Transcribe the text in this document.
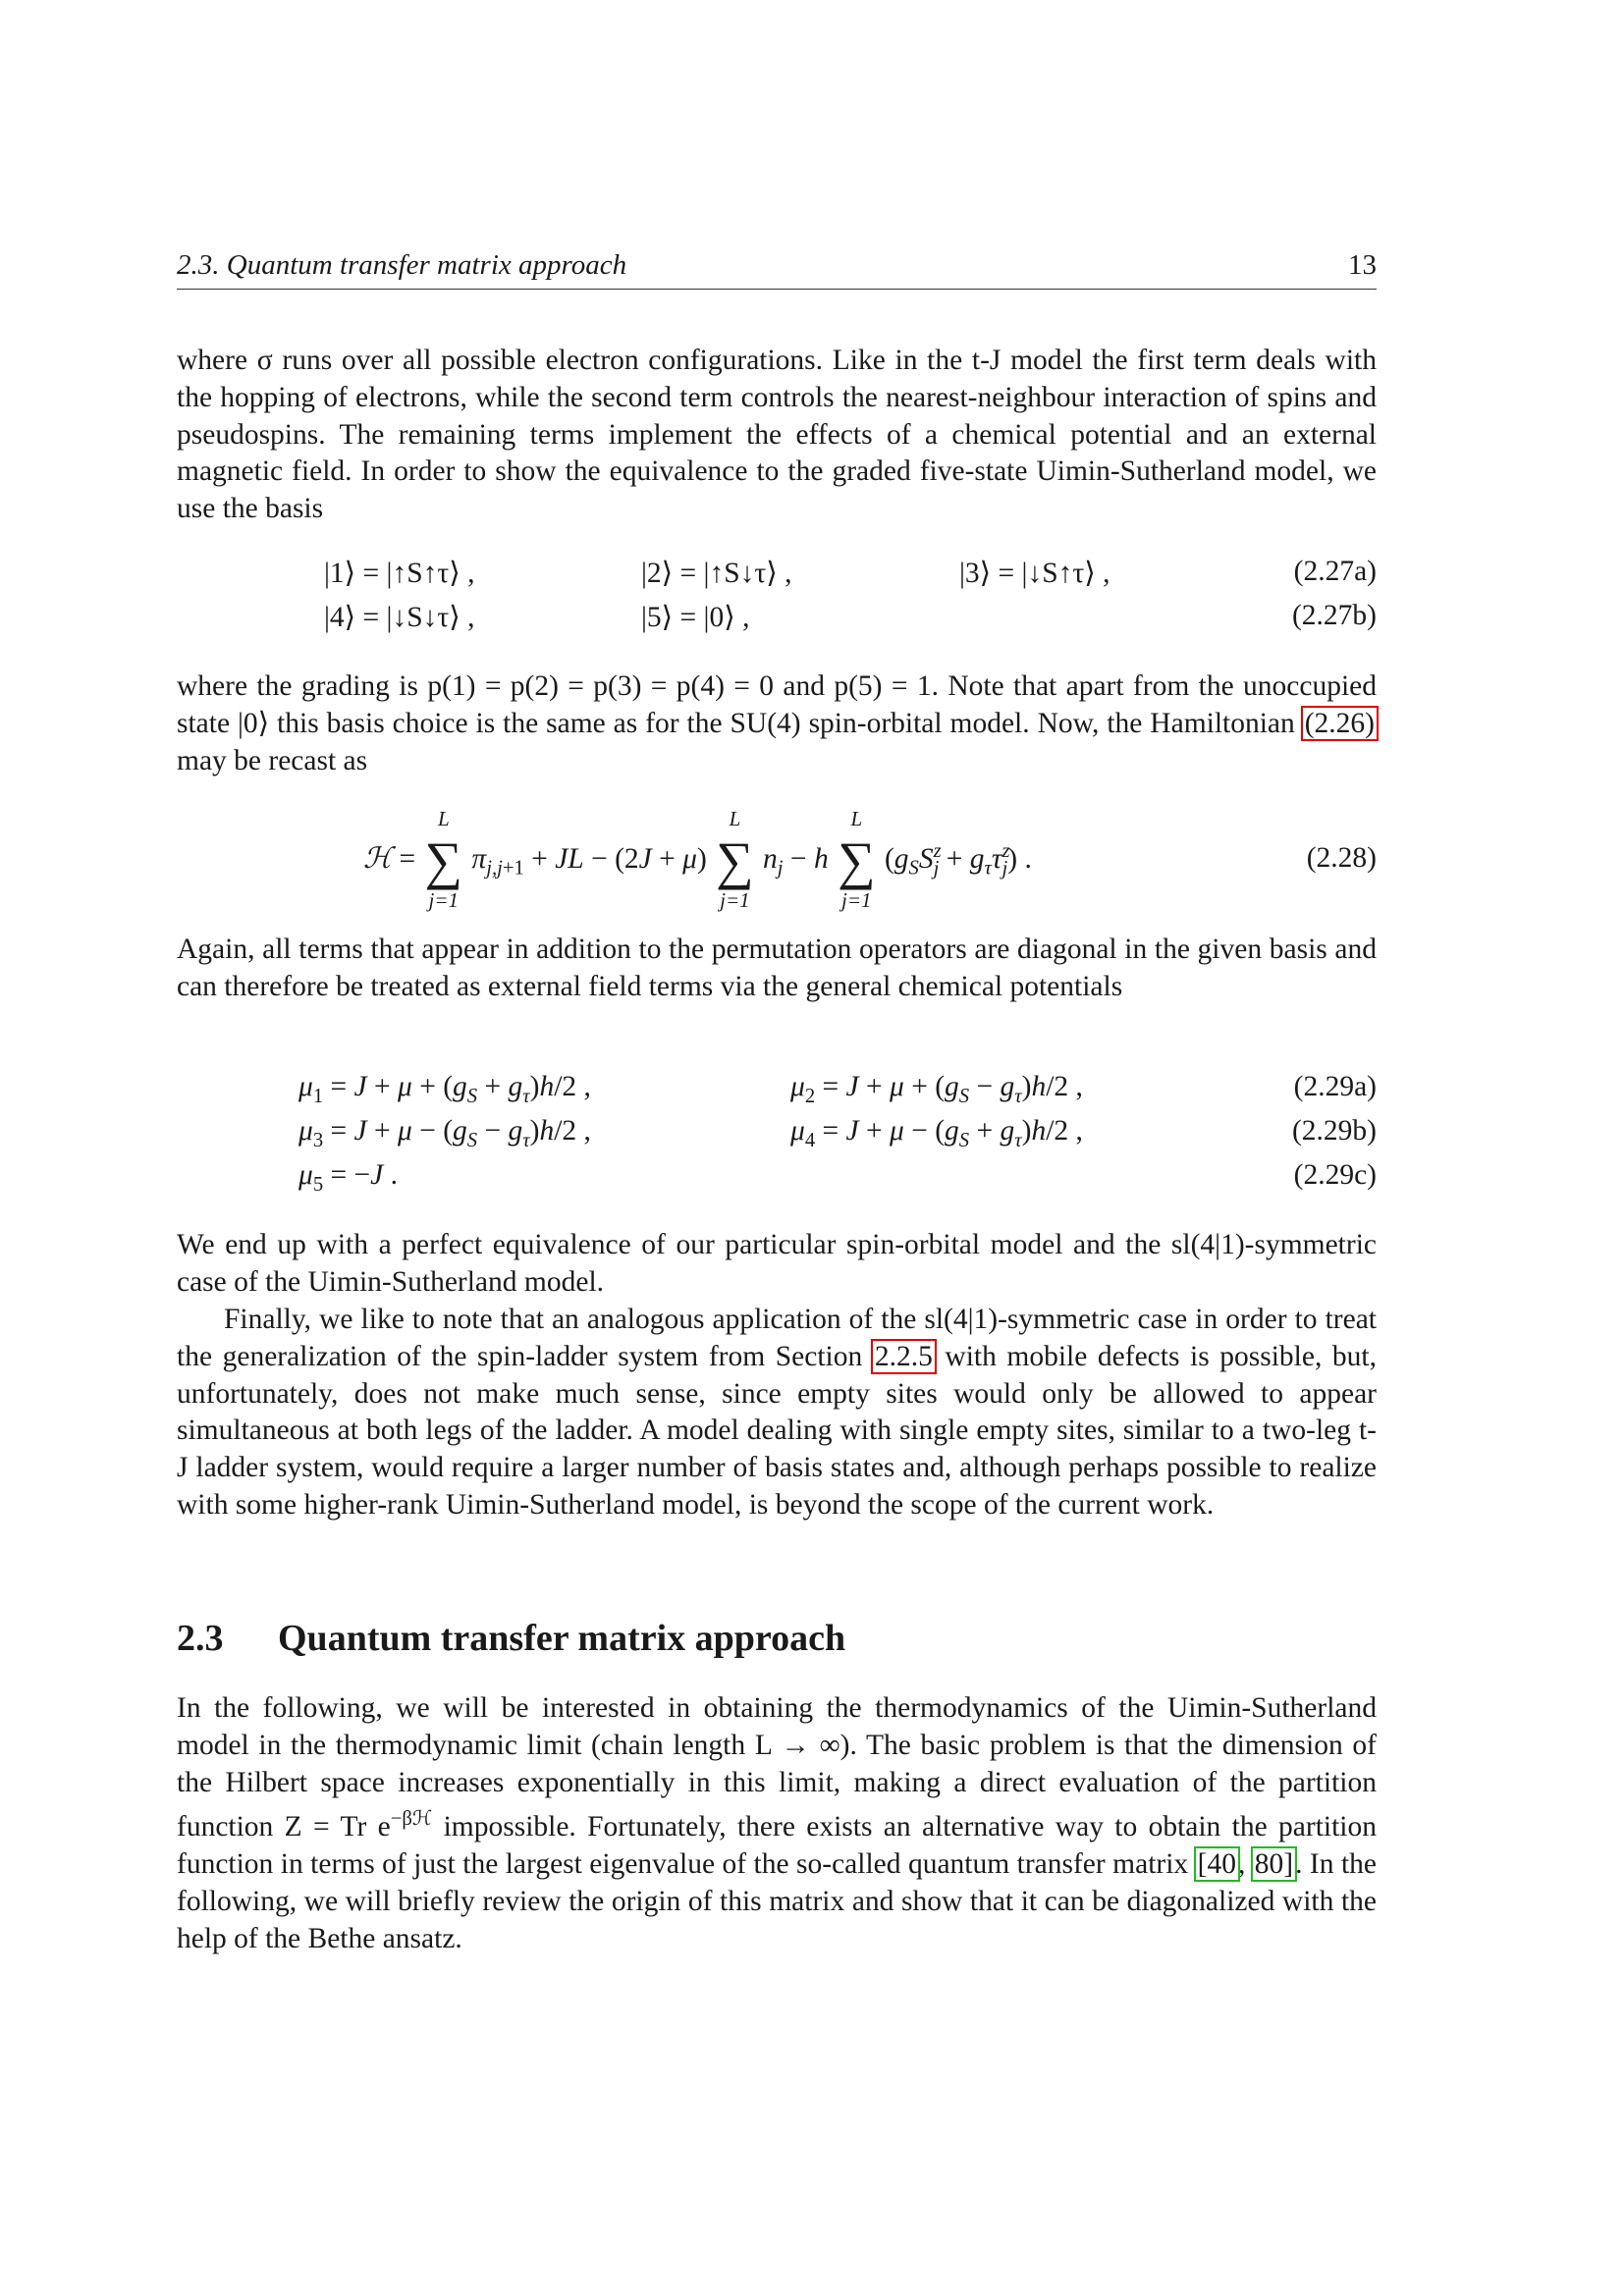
2.3. Quantum transfer matrix approach	13

where σ runs over all possible electron configurations. Like in the t-J model the first term deals with the hopping of electrons, while the second term controls the nearest-neighbour interaction of spins and pseudospins. The remaining terms implement the effects of a chemical potential and an external magnetic field. In order to show the equivalence to the graded five-state Uimin-Sutherland model, we use the basis

|1⟩ = |↑S↑τ⟩ ,	|2⟩ = |↑S↓τ⟩ ,	|3⟩ = |↓S↑τ⟩ ,	(2.27a)
|4⟩ = |↓S↓τ⟩ ,	|5⟩ = |0⟩ ,	(2.27b)

where the grading is p(1) = p(2) = p(3) = p(4) = 0 and p(5) = 1. Note that apart from the unoccupied state |0⟩ this basis choice is the same as for the SU(4) spin-orbital model. Now, the Hamiltonian (2.26) may be recast as

ℋ = ∑
L
j=1
$\pi_{j,j+1}$ + JL − (2J + μ) ∑
L
j=1
$n_j - h$ ∑
L
j=1
$(g_SS^z_j + g_\tau\tau^z_j)$ .	(2.28)

Again, all terms that appear in addition to the permutation operators are diagonal in the given basis and can therefore be treated as external field terms via the general chemical potentials

$\mu_1 = J + \mu + (g_S + g_\tau)h/2$ ,	$\mu_2 = J + \mu + (g_S - g_\tau)h/2$ ,	(2.29a)
$\mu_3 = J + \mu - (g_S - g_\tau)h/2$ ,	$\mu_4 = J + \mu - (g_S + g_\tau)h/2$ ,	(2.29b)
$\mu_5 = -J$ .	(2.29c)

We end up with a perfect equivalence of our particular spin-orbital model and the sl(4|1)-symmetric case of the Uimin-Sutherland model.

Finally, we like to note that an analogous application of the sl(4|1)-symmetric case in order to treat the generalization of the spin-ladder system from Section 2.2.5 with mobile defects is possible, but, unfortunately, does not make much sense, since empty sites would only be allowed to appear simultaneous at both legs of the ladder. A model dealing with single empty sites, similar to a two-leg t-J ladder system, would require a larger number of basis states and, although perhaps possible to realize with some higher-rank Uimin-Sutherland model, is beyond the scope of the current work.

2.3 Quantum transfer matrix approach

In the following, we will be interested in obtaining the thermodynamics of the Uimin-Sutherland model in the thermodynamic limit (chain length L → ∞). The basic problem is that the dimension of the Hilbert space increases exponentially in this limit, making a direct evaluation of the partition function Z = Tr $e^{-\beta ℋ}$ impossible. Fortunately, there exists an alternative way to obtain the partition function in terms of just the largest eigenvalue of the so-called quantum transfer matrix [40, 80]. In the following, we will briefly review the origin of this matrix and show that it can be diagonalized with the help of the Bethe ansatz.
